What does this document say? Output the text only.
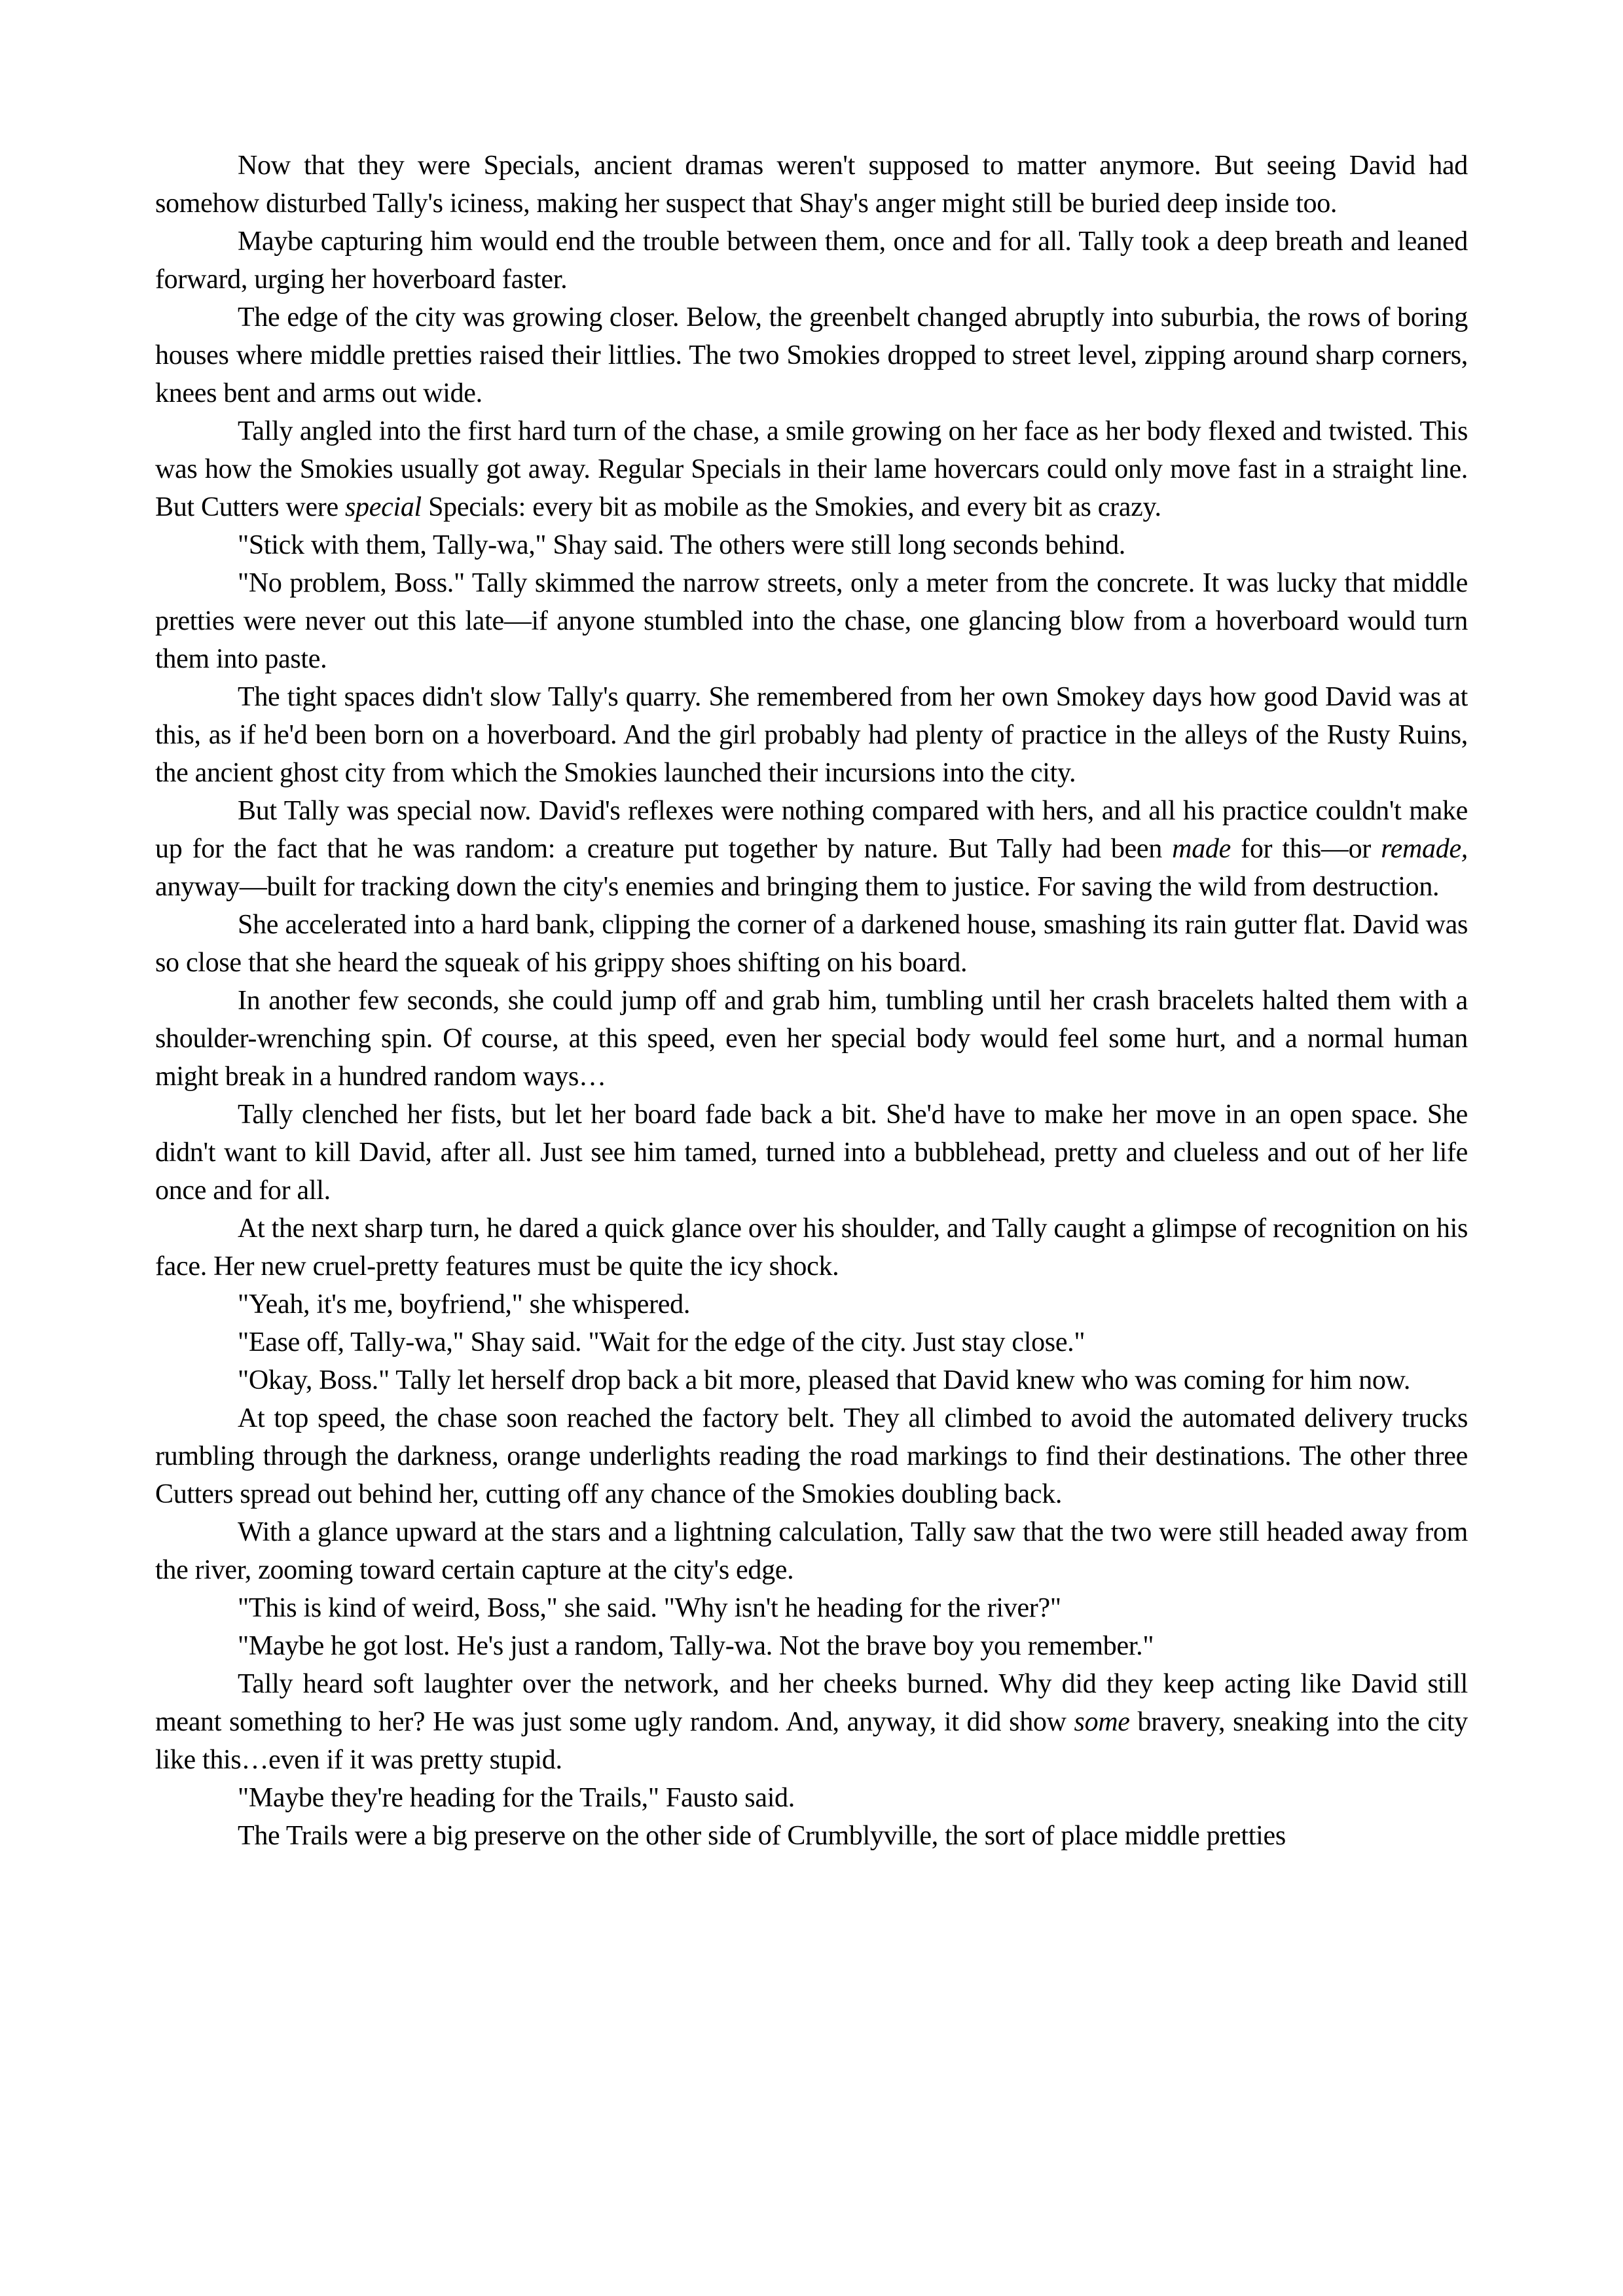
Now that they were Specials, ancient dramas weren't supposed to matter anymore. But seeing David had somehow disturbed Tally's iciness, making her suspect that Shay's anger might still be buried deep inside too.

Maybe capturing him would end the trouble between them, once and for all. Tally took a deep breath and leaned forward, urging her hoverboard faster.

The edge of the city was growing closer. Below, the greenbelt changed abruptly into suburbia, the rows of boring houses where middle pretties raised their littlies. The two Smokies dropped to street level, zipping around sharp corners, knees bent and arms out wide.

Tally angled into the first hard turn of the chase, a smile growing on her face as her body flexed and twisted. This was how the Smokies usually got away. Regular Specials in their lame hovercars could only move fast in a straight line. But Cutters were special Specials: every bit as mobile as the Smokies, and every bit as crazy.

"Stick with them, Tally-wa," Shay said. The others were still long seconds behind.

"No problem, Boss." Tally skimmed the narrow streets, only a meter from the concrete. It was lucky that middle pretties were never out this late—if anyone stumbled into the chase, one glancing blow from a hoverboard would turn them into paste.

The tight spaces didn't slow Tally's quarry. She remembered from her own Smokey days how good David was at this, as if he'd been born on a hoverboard. And the girl probably had plenty of practice in the alleys of the Rusty Ruins, the ancient ghost city from which the Smokies launched their incursions into the city.

But Tally was special now. David's reflexes were nothing compared with hers, and all his practice couldn't make up for the fact that he was random: a creature put together by nature. But Tally had been made for this—or remade, anyway—built for tracking down the city's enemies and bringing them to justice. For saving the wild from destruction.

She accelerated into a hard bank, clipping the corner of a darkened house, smashing its rain gutter flat. David was so close that she heard the squeak of his grippy shoes shifting on his board.

In another few seconds, she could jump off and grab him, tumbling until her crash bracelets halted them with a shoulder-wrenching spin. Of course, at this speed, even her special body would feel some hurt, and a normal human might break in a hundred random ways…

Tally clenched her fists, but let her board fade back a bit. She'd have to make her move in an open space. She didn't want to kill David, after all. Just see him tamed, turned into a bubblehead, pretty and clueless and out of her life once and for all.

At the next sharp turn, he dared a quick glance over his shoulder, and Tally caught a glimpse of recognition on his face. Her new cruel-pretty features must be quite the icy shock.

"Yeah, it's me, boyfriend," she whispered.

"Ease off, Tally-wa," Shay said. "Wait for the edge of the city. Just stay close."

"Okay, Boss." Tally let herself drop back a bit more, pleased that David knew who was coming for him now.

At top speed, the chase soon reached the factory belt. They all climbed to avoid the automated delivery trucks rumbling through the darkness, orange underlights reading the road markings to find their destinations. The other three Cutters spread out behind her, cutting off any chance of the Smokies doubling back.

With a glance upward at the stars and a lightning calculation, Tally saw that the two were still headed away from the river, zooming toward certain capture at the city's edge.

"This is kind of weird, Boss," she said. "Why isn't he heading for the river?"

"Maybe he got lost. He's just a random, Tally-wa. Not the brave boy you remember."

Tally heard soft laughter over the network, and her cheeks burned. Why did they keep acting like David still meant something to her? He was just some ugly random. And, anyway, it did show some bravery, sneaking into the city like this…even if it was pretty stupid.

"Maybe they're heading for the Trails," Fausto said.

The Trails were a big preserve on the other side of Crumblyville, the sort of place middle pretties
